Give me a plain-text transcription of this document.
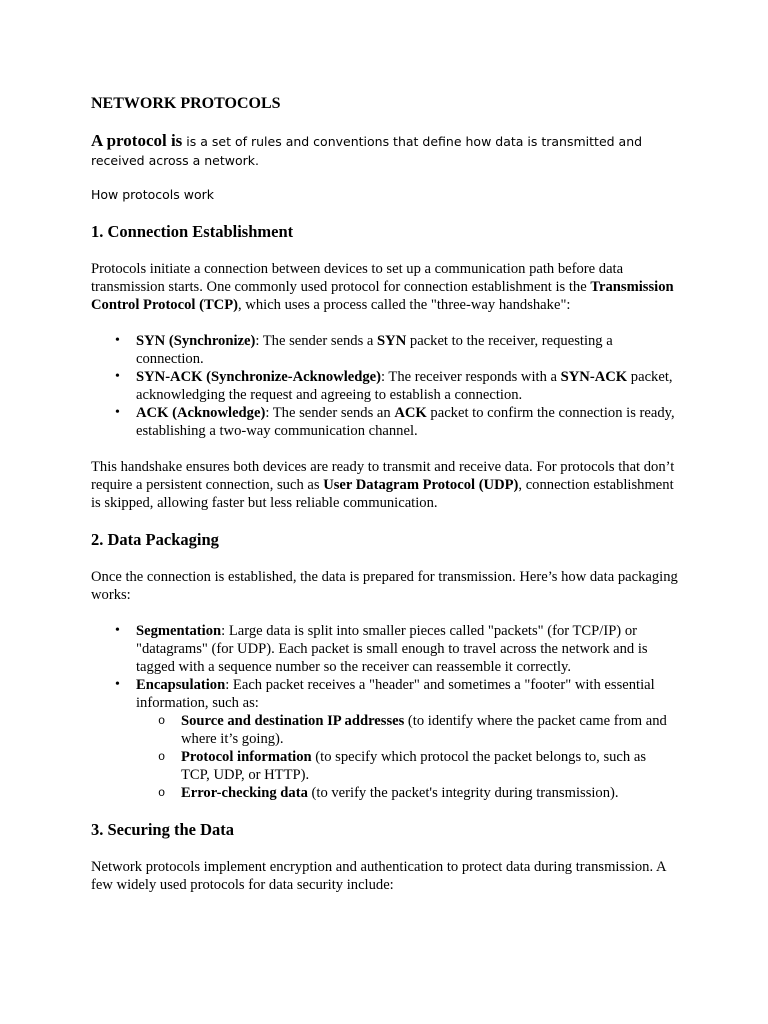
NETWORK PROTOCOLS
A protocol is is a set of rules and conventions that define how data is transmitted and received across a network.
How protocols work
1. Connection Establishment

Protocols initiate a connection between devices to set up a communication path before data transmission starts. One commonly used protocol for connection establishment is the Transmission Control Protocol (TCP), which uses a process called the "three-way handshake":

• SYN (Synchronize): The sender sends a SYN packet to the receiver, requesting a connection.
• SYN-ACK (Synchronize-Acknowledge): The receiver responds with a SYN-ACK packet, acknowledging the request and agreeing to establish a connection.
• ACK (Acknowledge): The sender sends an ACK packet to confirm the connection is ready, establishing a two-way communication channel.

This handshake ensures both devices are ready to transmit and receive data. For protocols that don’t require a persistent connection, such as User Datagram Protocol (UDP), connection establishment is skipped, allowing faster but less reliable communication.

2. Data Packaging

Once the connection is established, the data is prepared for transmission. Here’s how data packaging works:

• Segmentation: Large data is split into smaller pieces called "packets" (for TCP/IP) or "datagrams" (for UDP). Each packet is small enough to travel across the network and is tagged with a sequence number so the receiver can reassemble it correctly.
• Encapsulation: Each packet receives a "header" and sometimes a "footer" with essential information, such as:
o Source and destination IP addresses (to identify where the packet came from and where it’s going).
o Protocol information (to specify which protocol the packet belongs to, such as TCP, UDP, or HTTP).
o Error-checking data (to verify the packet's integrity during transmission).
3. Securing the Data

Network protocols implement encryption and authentication to protect data during transmission. A few widely used protocols for data security include:
